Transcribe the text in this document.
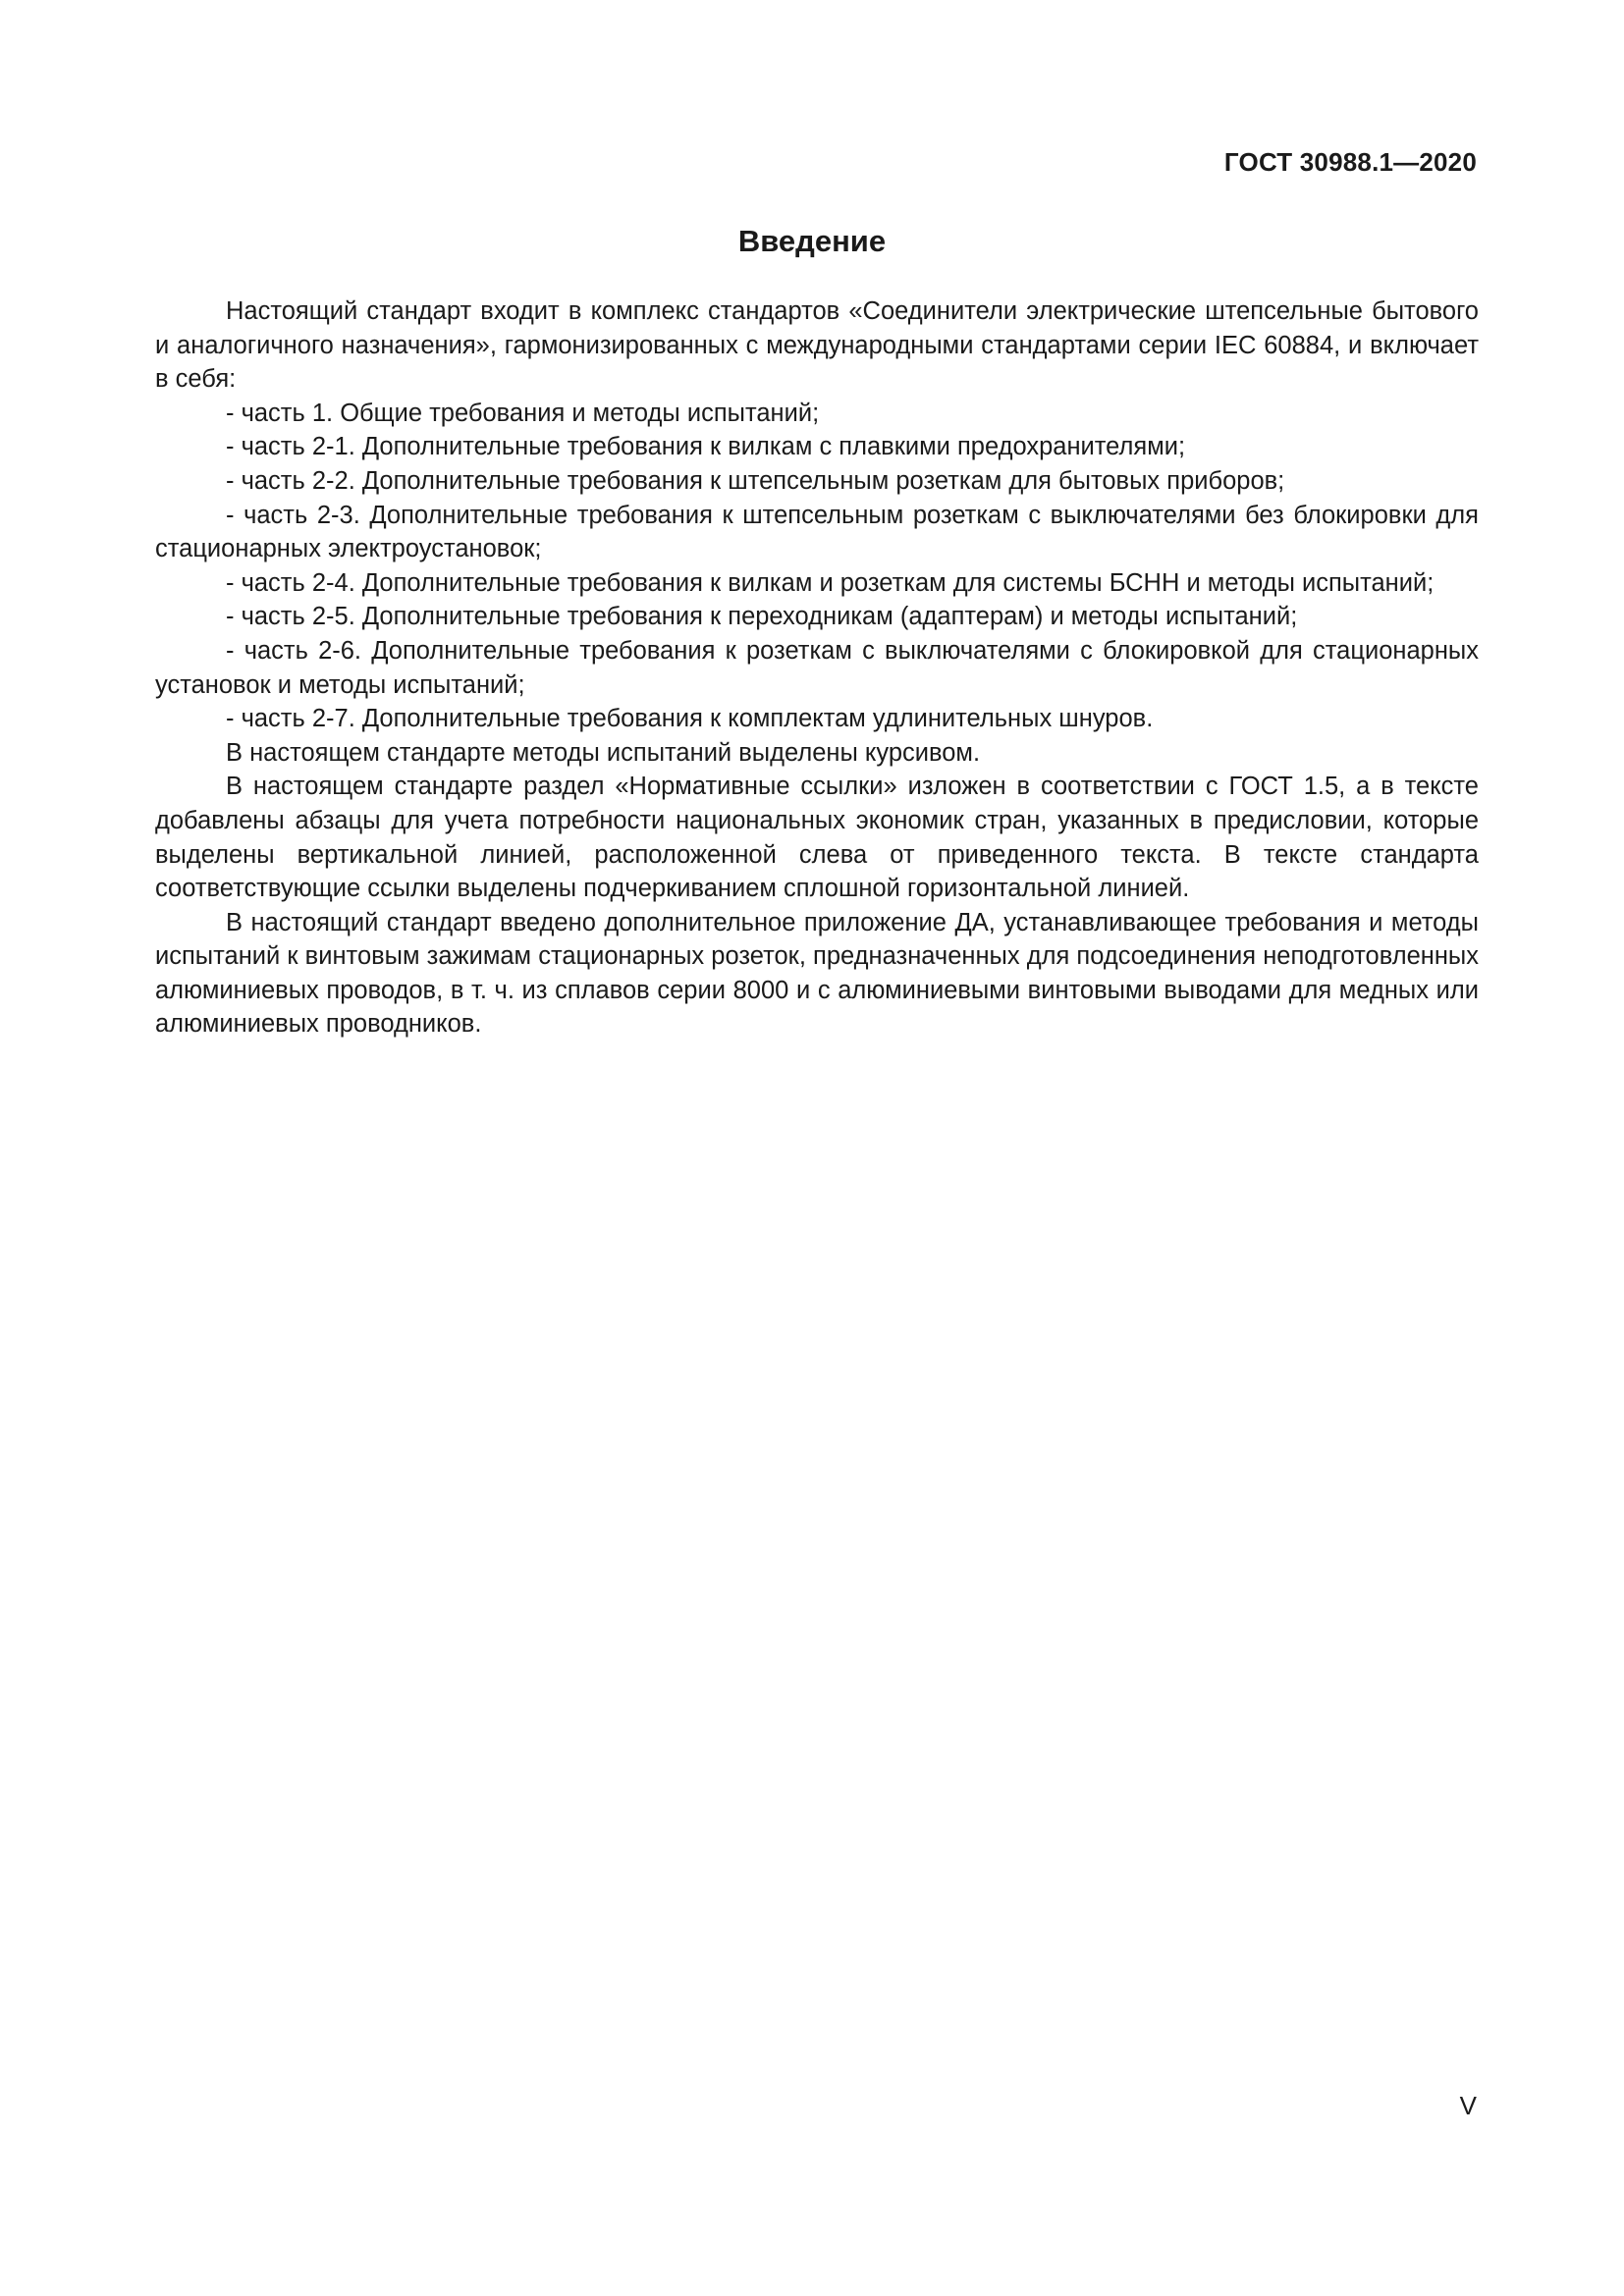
ГОСТ 30988.1—2020
Введение

Настоящий стандарт входит в комплекс стандартов «Соединители электрические штепсельные бытового и аналогичного назначения», гармонизированных с международными стандартами серии IEC 60884, и включает в себя:

- часть 1. Общие требования и методы испытаний;

- часть 2-1. Дополнительные требования к вилкам с плавкими предохранителями;

- часть 2-2. Дополнительные требования к штепсельным розеткам для бытовых приборов;

- часть 2-3. Дополнительные требования к штепсельным розеткам с выключателями без блокировки для стационарных электроустановок;

- часть 2-4. Дополнительные требования к вилкам и розеткам для системы БСНН и методы испытаний;

- часть 2-5. Дополнительные требования к переходникам (адаптерам) и методы испытаний;

- часть 2-6. Дополнительные требования к розеткам с выключателями с блокировкой для стационарных установок и методы испытаний;

- часть 2-7. Дополнительные требования к комплектам удлинительных шнуров.

В настоящем стандарте методы испытаний выделены курсивом.

В настоящем стандарте раздел «Нормативные ссылки» изложен в соответствии с ГОСТ 1.5, а в тексте добавлены абзацы для учета потребности национальных экономик стран, указанных в предисловии, которые выделены вертикальной линией, расположенной слева от приведенного текста. В тексте стандарта соответствующие ссылки выделены подчеркиванием сплошной горизонтальной линией.

В настоящий стандарт введено дополнительное приложение ДА, устанавливающее требования и методы испытаний к винтовым зажимам стационарных розеток, предназначенных для подсоединения неподготовленных алюминиевых проводов, в т. ч. из сплавов серии 8000 и с алюминиевыми винтовыми выводами для медных или алюминиевых проводников.

V
